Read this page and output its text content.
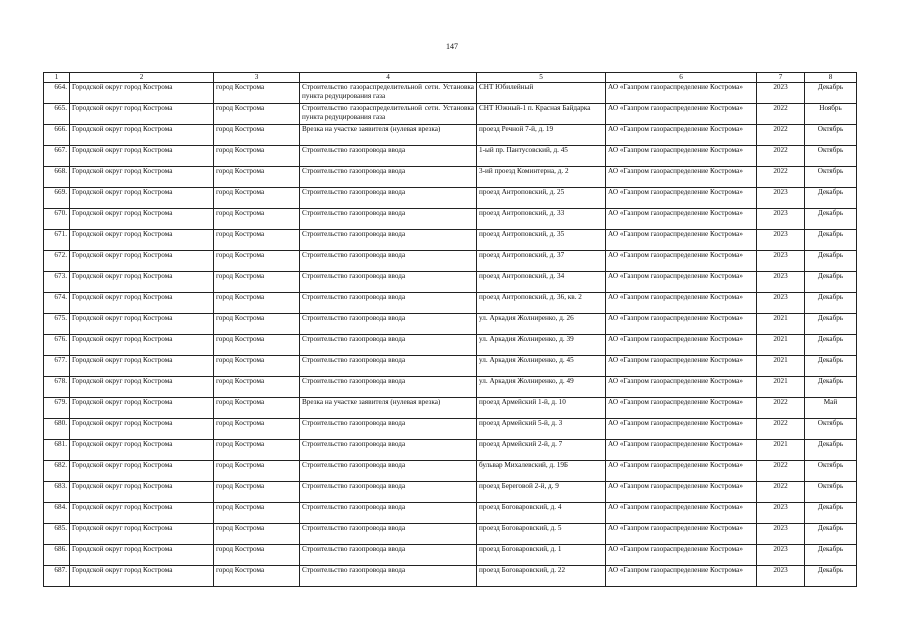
147
1	2	3	4	5	6	7	8
664.	Городской округ город Кострома	город Кострома	Строительство газораспределительной сети. Установка пункта редуцирования газа	СНТ Юбилейный	АО «Газпром газораспределение Кострома»	2023	Декабрь
665.	Городской округ город Кострома	город Кострома	Строительство газораспределительной сети. Установка пункта редуцирования газа	СНТ Южный-1 п. Красная Байдарка	АО «Газпром газораспределение Кострома»	2022	Ноябрь
666.	Городской округ город Кострома	город Кострома	Врезка на участке заявителя (нулевая врезка)	проезд Речной 7-й, д. 19	АО «Газпром газораспределение Кострома»	2022	Октябрь
667.	Городской округ город Кострома	город Кострома	Строительство газопровода ввода	1-ый пр. Пантусовский, д. 45	АО «Газпром газораспределение Кострома»	2022	Октябрь
668.	Городской округ город Кострома	город Кострома	Строительство газопровода ввода	3-ий проезд Коминтерна, д. 2	АО «Газпром газораспределение Кострома»	2022	Октябрь
669.	Городской округ город Кострома	город Кострома	Строительство газопровода ввода	проезд Антроповский, д. 25	АО «Газпром газораспределение Кострома»	2023	Декабрь
670.	Городской округ город Кострома	город Кострома	Строительство газопровода ввода	проезд Антроповский, д. 33	АО «Газпром газораспределение Кострома»	2023	Декабрь
671.	Городской округ город Кострома	город Кострома	Строительство газопровода ввода	проезд Антроповский, д. 35	АО «Газпром газораспределение Кострома»	2023	Декабрь
672.	Городской округ город Кострома	город Кострома	Строительство газопровода ввода	проезд Антроповский, д. 37	АО «Газпром газораспределение Кострома»	2023	Декабрь
673.	Городской округ город Кострома	город Кострома	Строительство газопровода ввода	проезд Антроповский, д. 34	АО «Газпром газораспределение Кострома»	2023	Декабрь
674.	Городской округ город Кострома	город Кострома	Строительство газопровода ввода	проезд Антроповский, д. 36, кв. 2	АО «Газпром газораспределение Кострома»	2023	Декабрь
675.	Городской округ город Кострома	город Кострома	Строительство газопровода ввода	ул. Аркадия Жолниренко, д. 26	АО «Газпром газораспределение Кострома»	2021	Декабрь
676.	Городской округ город Кострома	город Кострома	Строительство газопровода ввода	ул. Аркадия Жолниренко, д. 39	АО «Газпром газораспределение Кострома»	2021	Декабрь
677.	Городской округ город Кострома	город Кострома	Строительство газопровода ввода	ул. Аркадия Жолниренко, д. 45	АО «Газпром газораспределение Кострома»	2021	Декабрь
678.	Городской округ город Кострома	город Кострома	Строительство газопровода ввода	ул. Аркадия Жолниренко, д. 49	АО «Газпром газораспределение Кострома»	2021	Декабрь
679.	Городской округ город Кострома	город Кострома	Врезка на участке заявителя (нулевая врезка)	проезд Армейский 1-й, д. 10	АО «Газпром газораспределение Кострома»	2022	Май
680.	Городской округ город Кострома	город Кострома	Строительство газопровода ввода	проезд Армейский 5-й, д. 3	АО «Газпром газораспределение Кострома»	2022	Октябрь
681.	Городской округ город Кострома	город Кострома	Строительство газопровода ввода	проезд Армейский 2-й, д. 7	АО «Газпром газораспределение Кострома»	2021	Декабрь
682.	Городской округ город Кострома	город Кострома	Строительство газопровода ввода	бульвар Михалевский, д. 19Б	АО «Газпром газораспределение Кострома»	2022	Октябрь
683.	Городской округ город Кострома	город Кострома	Строительство газопровода ввода	проезд Береговой 2-й, д. 9	АО «Газпром газораспределение Кострома»	2022	Октябрь
684.	Городской округ город Кострома	город Кострома	Строительство газопровода ввода	проезд Боговаровский, д. 4	АО «Газпром газораспределение Кострома»	2023	Декабрь
685.	Городской округ город Кострома	город Кострома	Строительство газопровода ввода	проезд Боговаровский, д. 5	АО «Газпром газораспределение Кострома»	2023	Декабрь
686.	Городской округ город Кострома	город Кострома	Строительство газопровода ввода	проезд Боговаровский, д. 1	АО «Газпром газораспределение Кострома»	2023	Декабрь
687.	Городской округ город Кострома	город Кострома	Строительство газопровода ввода	проезд Боговаровский, д. 22	АО «Газпром газораспределение Кострома»	2023	Декабрь
